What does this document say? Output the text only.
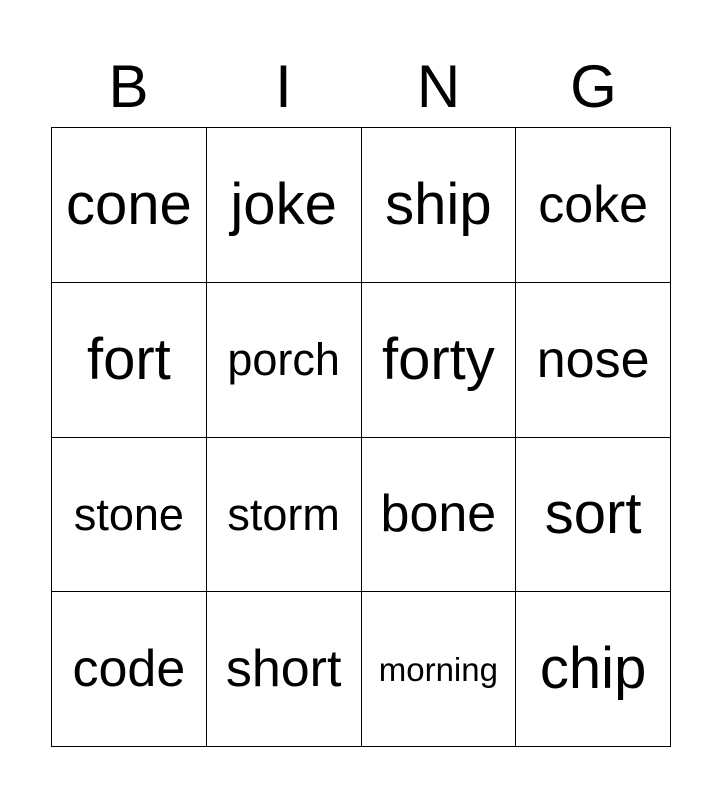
B	I	N	G
cone joke ship coke
fort porch forty nose
stone storm bone sort
code short morning chip
